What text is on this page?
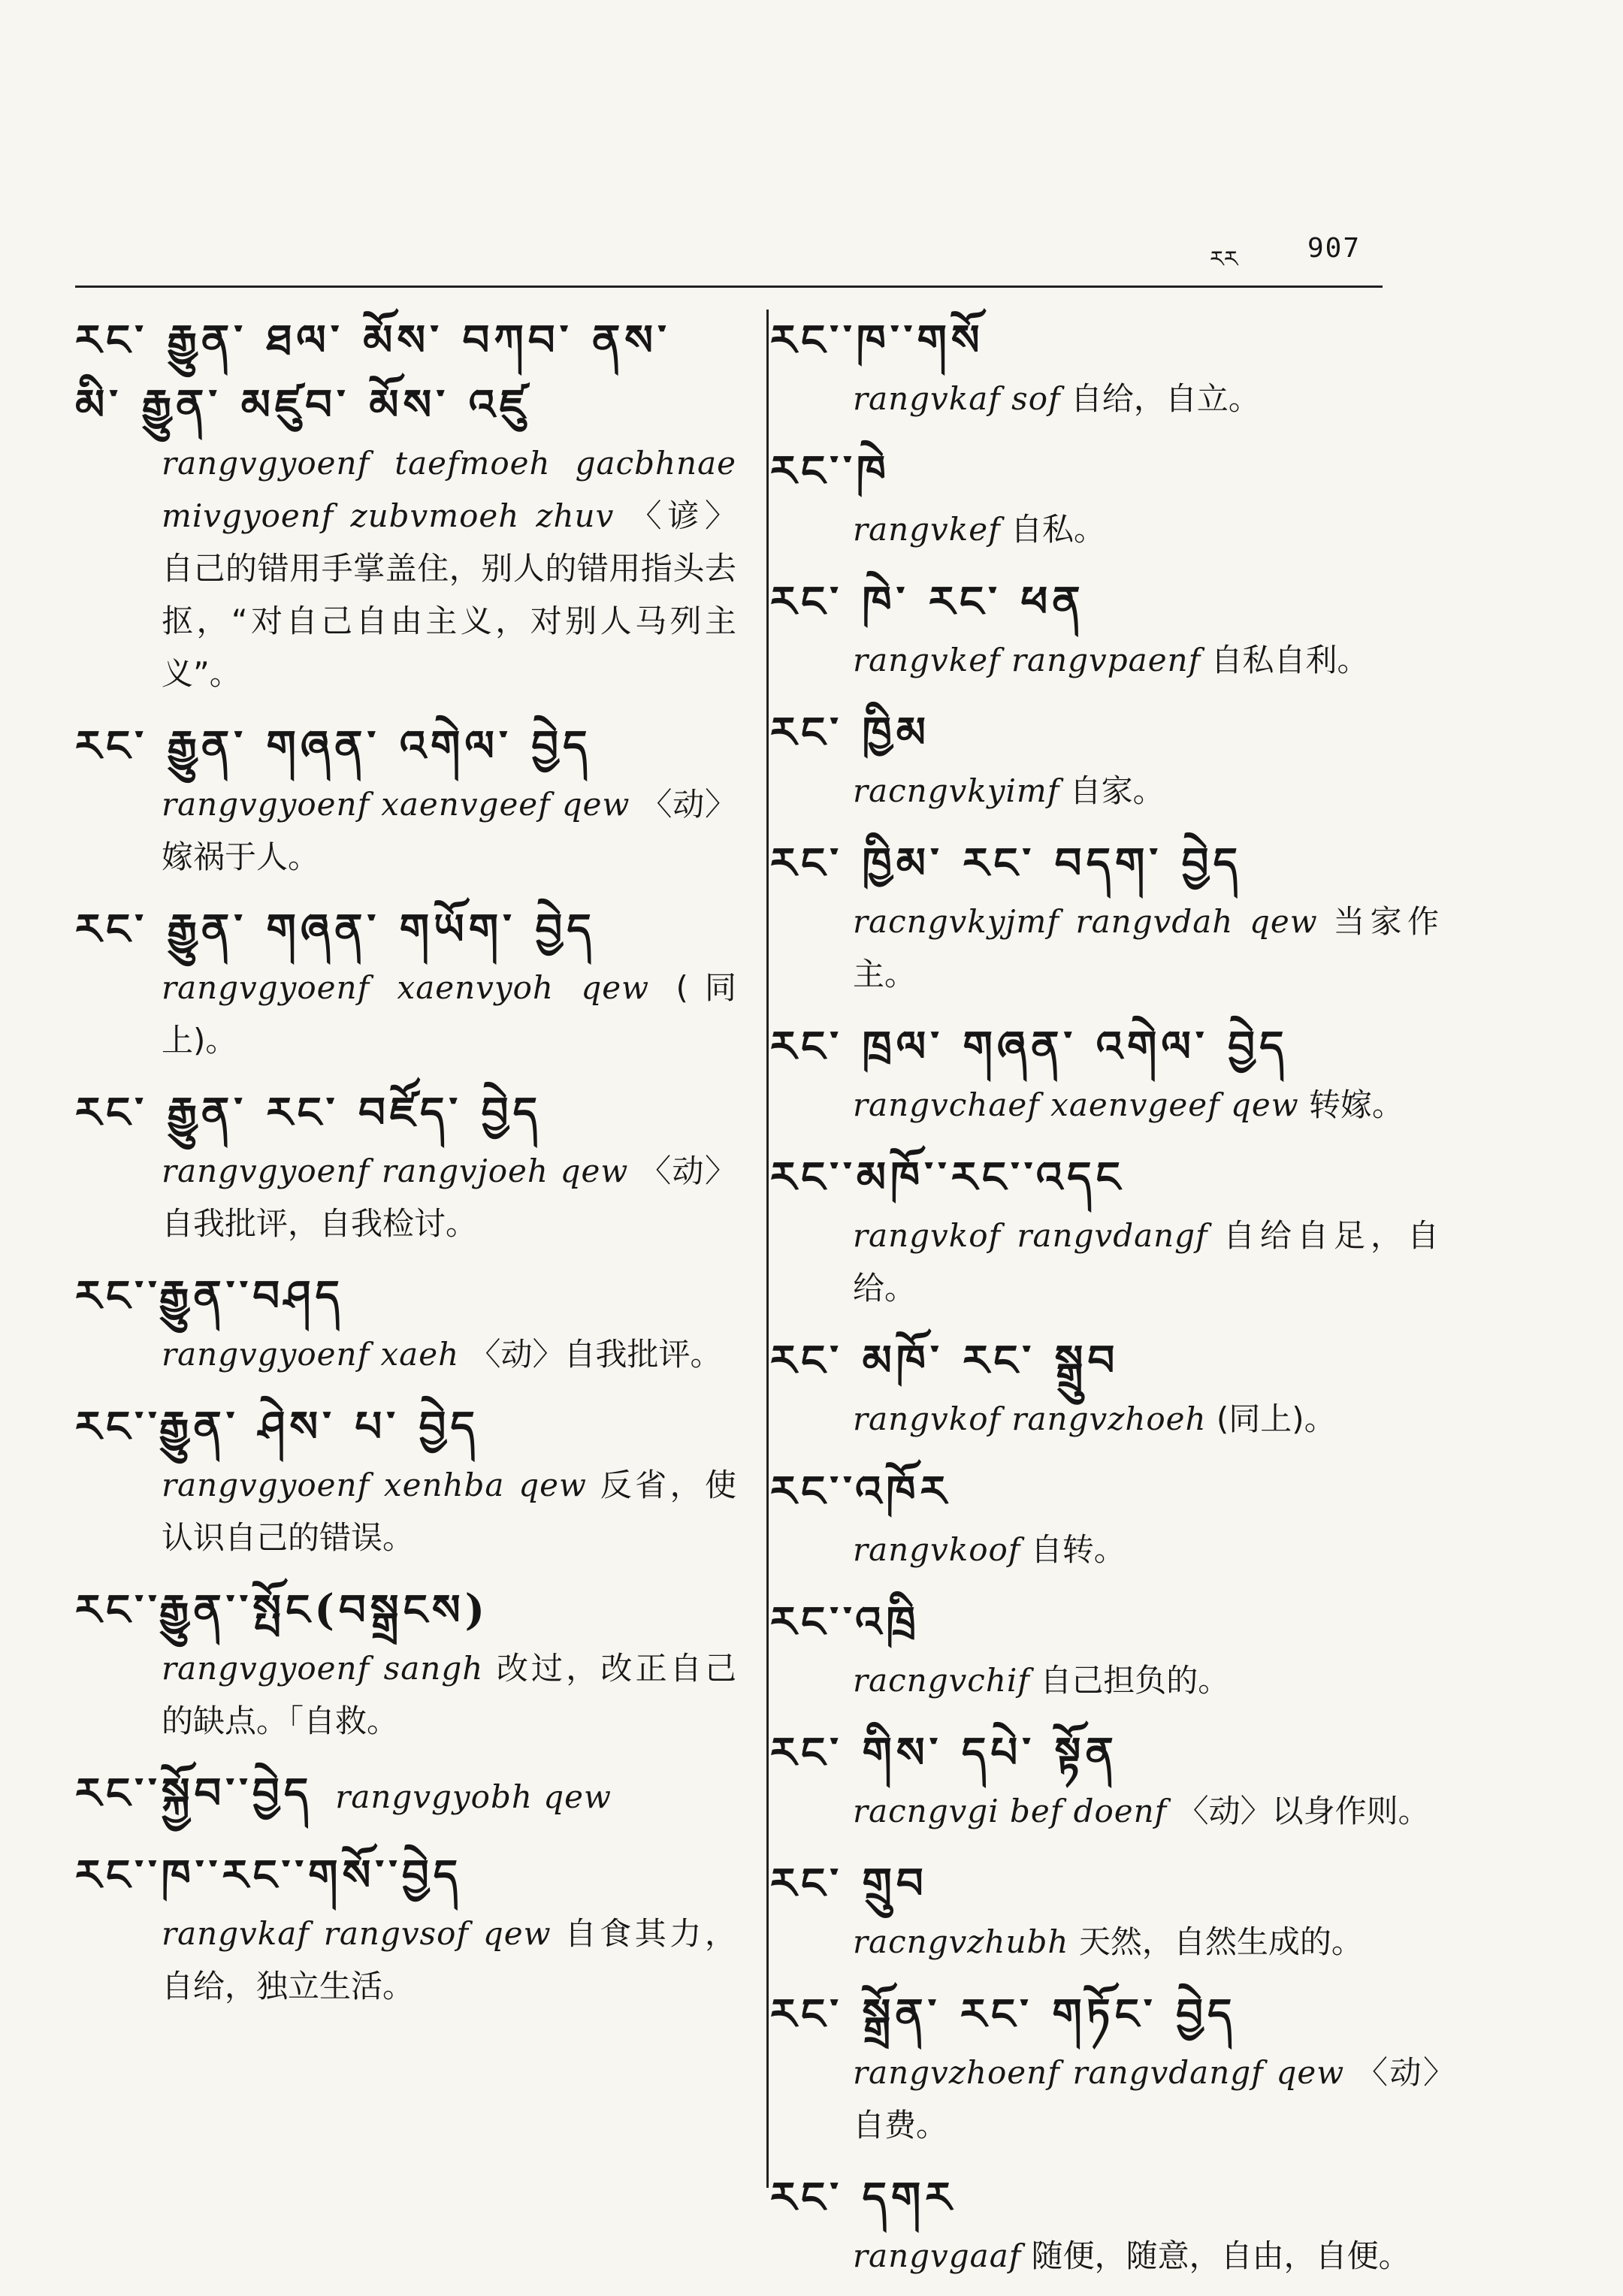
རར	907
རང་ རྒྱུན་ ཐལ་ མོས་ བཀབ་ ནས་ མི་ རྒྱུན་ མཛུབ་ མོས་ འཛུ
rangvgyoenf taefmoeh gacbhnae mivgyoenf zubvmoeh zhuv 〈谚〉自己的错用手掌盖住，别人的错用指头去抠，“对自己自由主义，对别人马列主义”。
རང་ རྒྱུན་ གཞན་ འགེལ་ བྱེད
rangvgyoenf xaenvgeef qew 〈动〉嫁祸于人。
རང་ རྒྱུན་ གཞན་ གཡོག་ བྱེད
rangvgyoenf xaenvyoh qew (同上)。
རང་ རྒྱུན་ རང་ བཛོད་ བྱེད
rangvgyoenf rangvjoeh qew 〈动〉自我批评，自我检讨。
རང་་རྒྱུན་་བཤད
rangvgyoenf xaeh 〈动〉自我批评。
རང་་རྒྱུན་ ཤེས་ པ་ བྱེད
rangvgyoenf xenhba qew 反省，使认识自己的错误。
རང་་རྒྱུན་་སྤོང(བསྒྲངས)
rangvgyoenf sangh 改过，改正自己的缺点。「自救。
རང་་སྐྱོབ་་བྱེད rangvgyobh qew
རང་་ཁ་་རང་་གསོ་་བྱེད
rangvkaf rangvsof qew 自食其力，自给，独立生活。
རང་་ཁ་་གསོ
rangvkaf sof 自给，自立。
རང་་ཁེ
rangvkef 自私。
རང་ ཁེ་ རང་ ཕན
rangvkef rangvpaenf 自私自利。
རང་ ཁྱིམ
racngvkyimf 自家。
རང་ ཁྱིམ་ རང་ བདག་ བྱེད
racngvkyjmf rangvdah qew 当家作主。
རང་ ཁྲལ་ གཞན་ འགེལ་ བྱེད
rangvchaef xaenvgeef qew 转嫁。
རང་་མཁོ་་རང་་འདང
rangvkof rangvdangf 自给自足，自给。
རང་ མཁོ་ རང་ སྒྲུབ
rangvkof rangvzhoeh (同上)。
རང་་འཁོར
rangvkoof 自转。
རང་་འཁྲི
racngvchif 自己担负的。
རང་ གིས་ དཔེ་ སྟོན
racngvgi bef doenf 〈动〉以身作则。
རང་ གྲུབ
racngvzhubh 天然，自然生成的。
རང་ སྒྲོན་ རང་ གཏོང་ བྱེད
rangvzhoenf rangvdangf qew 〈动〉自费。
རང་ དགར
rangvgaaf 随便，随意，自由，自便。
